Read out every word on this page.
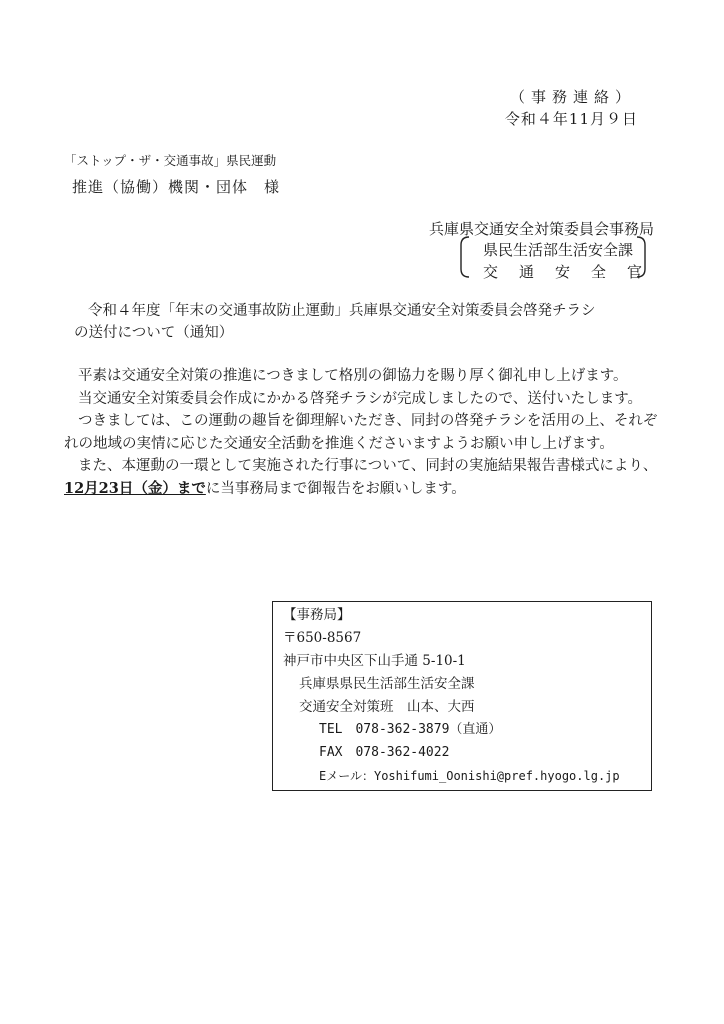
（事務連絡）
令和４年11月９日
「ストップ・ザ・交通事故」県民運動
推進（協働）機関・団体　様
兵庫県交通安全対策委員会事務局
県民生活部生活安全課
交通安全官
令和４年度「年末の交通事故防止運動」兵庫県交通安全対策委員会啓発チラシ
の送付について（通知）

平素は交通安全対策の推進につきまして格別の御協力を賜り厚く御礼申し上げます。

当交通安全対策委員会作成にかかる啓発チラシが完成しましたので、送付いたします。

つきましては、この運動の趣旨を御理解いただき、同封の啓発チラシを活用の上、それぞれの地域の実情に応じた交通安全活動を推進くださいますようお願い申し上げます。

また、本運動の一環として実施された行事について、同封の実施結果報告書様式により、

12月23日（金）までに当事務局まで御報告をお願いします。

【事務局】
〒650-8567
神戸市中央区下山手通 5-10-1
兵庫県県民生活部生活安全課
交通安全対策班　山本、大西
TEL　078-362-3879（直通）
FAX　078-362-4022
Eメール：Yoshifumi_Oonishi@pref.hyogo.lg.jp
